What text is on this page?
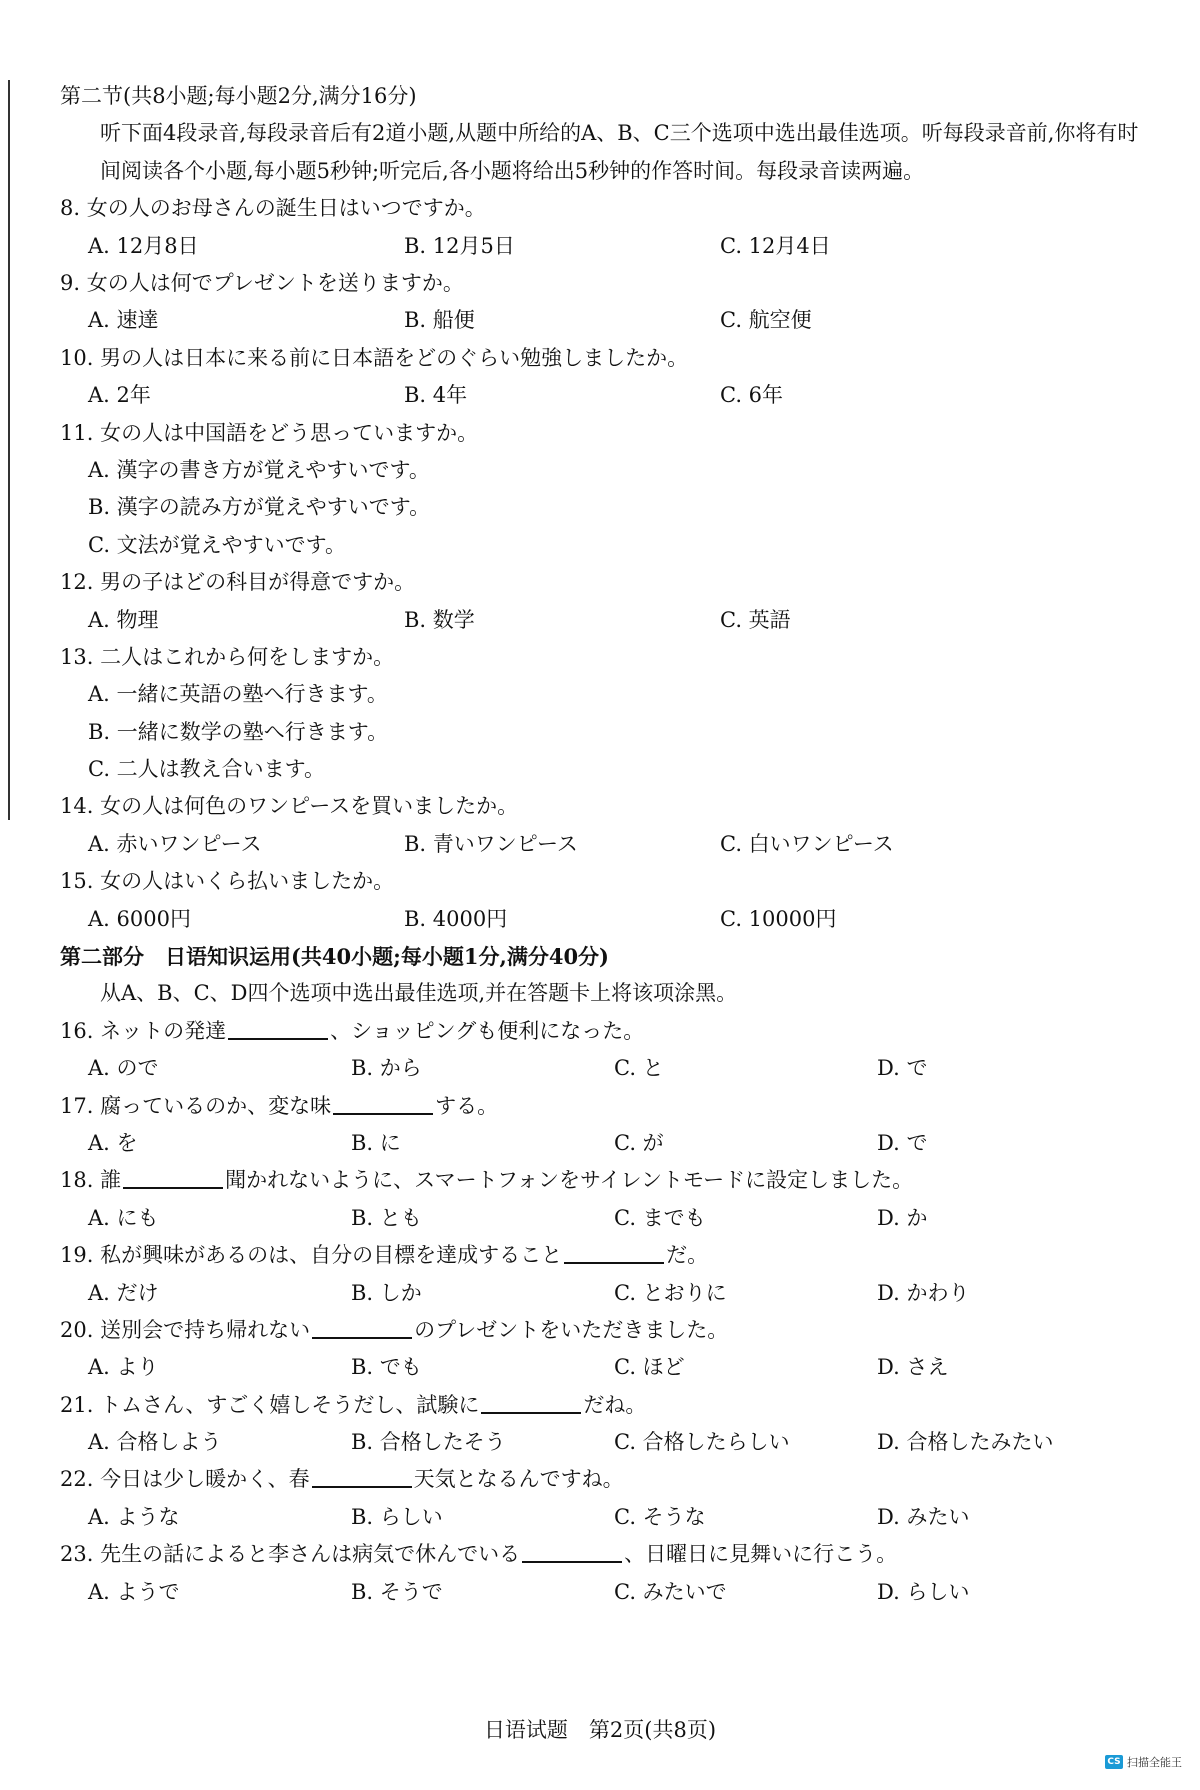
第二节(共8小题;每小题2分,满分16分)
听下面4段录音,每段录音后有2道小题,从题中所给的A、B、C三个选项中选出最佳选项。听每段录音前,你将有时间阅读各个小题,每小题5秒钟;听完后,各小题将给出5秒钟的作答时间。每段录音读两遍。
8. 女の人のお母さんの誕生日はいつですか。
A. 12月8日	B. 12月5日	C. 12月4日
9. 女の人は何でプレゼントを送りますか。
A. 速達	B. 船便	C. 航空便
10. 男の人は日本に来る前に日本語をどのぐらい勉強しましたか。
A. 2年	B. 4年	C. 6年
11. 女の人は中国語をどう思っていますか。
A. 漢字の書き方が覚えやすいです。
B. 漢字の読み方が覚えやすいです。
C. 文法が覚えやすいです。
12. 男の子はどの科目が得意ですか。
A. 物理	B. 数学	C. 英語
13. 二人はこれから何をしますか。
A. 一緒に英語の塾へ行きます。
B. 一緒に数学の塾へ行きます。
C. 二人は教え合います。
14. 女の人は何色のワンピースを買いましたか。
A. 赤いワンピース	B. 青いワンピース	C. 白いワンピース
15. 女の人はいくら払いましたか。
A. 6000円	B. 4000円	C. 10000円
第二部分　日语知识运用(共40小题;每小题1分,满分40分)
从A、B、C、D四个选项中选出最佳选项,并在答题卡上将该项涂黑。
16. ネットの発達	、ショッピングも便利になった。
A. ので	B. から	C. と	D. で
17. 腐っているのか、変な味	する。
A. を	B. に	C. が	D. で
18. 誰	聞かれないように、スマートフォンをサイレントモードに設定しました。
A. にも	B. とも	C. までも	D. か
19. 私が興味があるのは、自分の目標を達成すること	だ。
A. だけ	B. しか	C. とおりに	D. かわり
20. 送別会で持ち帰れない	のプレゼントをいただきました。
A. より	B. でも	C. ほど	D. さえ
21. トムさん、すごく嬉しそうだし、試験に	だね。
A. 合格しよう	B. 合格したそう	C. 合格したらしい	D. 合格したみたい
22. 今日は少し暖かく、春	天気となるんですね。
A. ような	B. らしい	C. そうな	D. みたい
23. 先生の話によると李さんは病気で休んでいる	、日曜日に見舞いに行こう。
A. ようで	B. そうで	C. みたいで	D. らしい
日语试题　第2页(共8页)
CS 扫描全能王
